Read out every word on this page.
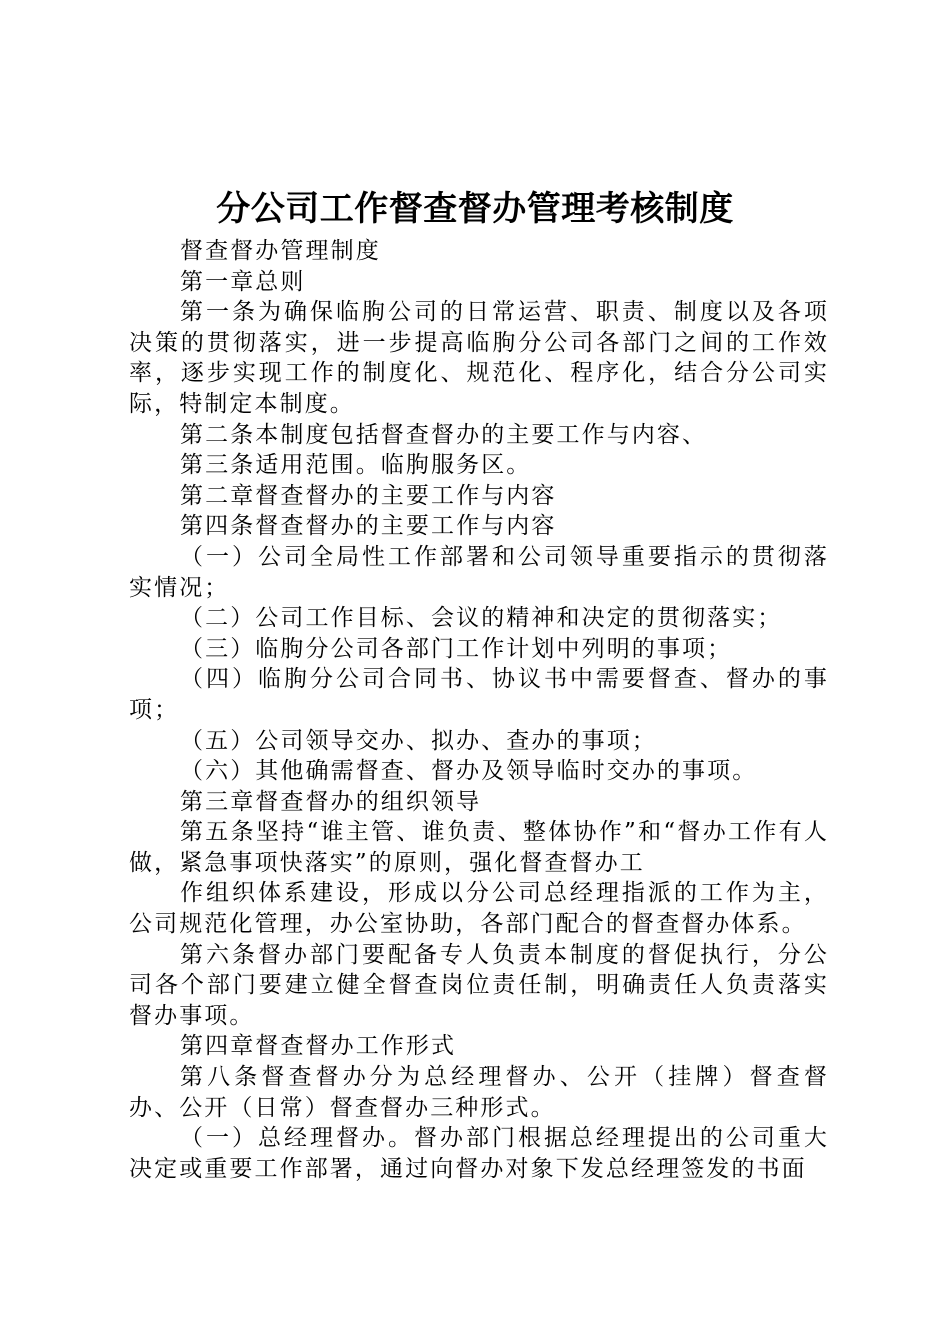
分公司工作督查督办管理考核制度

督查督办管理制度

第一章总则

第一条为确保临朐公司的日常运营、职责、制度以及各项决策的贯彻落实，进一步提高临朐分公司各部门之间的工作效率，逐步实现工作的制度化、规范化、程序化，结合分公司实际，特制定本制度。

第二条本制度包括督查督办的主要工作与内容、

第三条适用范围。临朐服务区。

第二章督查督办的主要工作与内容

第四条督查督办的主要工作与内容

（一）公司全局性工作部署和公司领导重要指示的贯彻落实情况；

（二）公司工作目标、会议的精神和决定的贯彻落实；

（三）临朐分公司各部门工作计划中列明的事项；

（四）临朐分公司合同书、协议书中需要督查、督办的事项；

（五）公司领导交办、拟办、查办的事项；

（六）其他确需督查、督办及领导临时交办的事项。

第三章督查督办的组织领导

第五条坚持“谁主管、谁负责、整体协作”和“督办工作有人做，紧急事项快落实”的原则，强化督查督办工

作组织体系建设，形成以分公司总经理指派的工作为主，公司规范化管理，办公室协助，各部门配合的督查督办体系。

第六条督办部门要配备专人负责本制度的督促执行，分公司各个部门要建立健全督查岗位责任制，明确责任人负责落实督办事项。

第四章督查督办工作形式

第八条督查督办分为总经理督办、公开（挂牌）督查督办、公开（日常）督查督办三种形式。

（一）总经理督办。督办部门根据总经理提出的公司重大决定或重要工作部署，通过向督办对象下发总经理签发的书面
